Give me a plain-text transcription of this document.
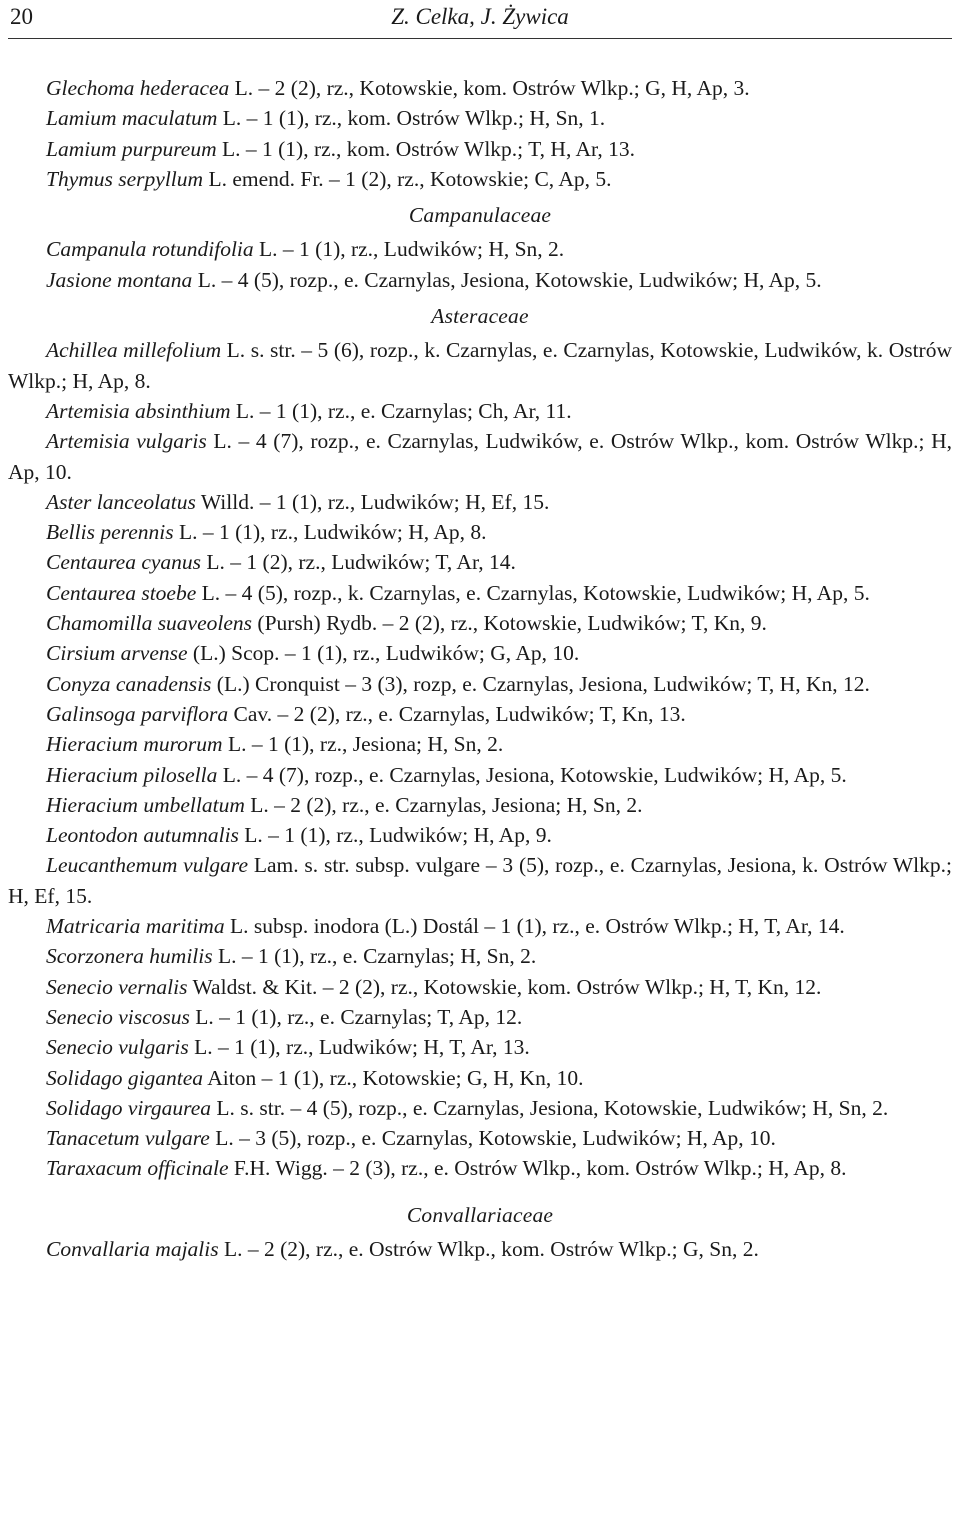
20	Z. Celka, J. Żywica

Glechoma hederacea L. – 2 (2), rz., Kotowskie, kom. Ostrów Wlkp.; G, H, Ap, 3.

Lamium maculatum L. – 1 (1), rz., kom. Ostrów Wlkp.; H, Sn, 1.

Lamium purpureum L. – 1 (1), rz., kom. Ostrów Wlkp.; T, H, Ar, 13.

Thymus serpyllum L. emend. Fr. – 1 (2), rz., Kotowskie; C, Ap, 5.

Campanulaceae

Campanula rotundifolia L. – 1 (1), rz., Ludwików; H, Sn, 2.

Jasione montana L. – 4 (5), rozp., e. Czarnylas, Jesiona, Kotowskie, Ludwików; H, Ap, 5.

Asteraceae

Achillea millefolium L. s. str. – 5 (6), rozp., k. Czarnylas, e. Czarnylas, Kotowskie, Ludwików, k. Ostrów Wlkp.; H, Ap, 8.

Artemisia absinthium L. – 1 (1), rz., e. Czarnylas; Ch, Ar, 11.

Artemisia vulgaris L. – 4 (7), rozp., e. Czarnylas, Ludwików, e. Ostrów Wlkp., kom. Ostrów Wlkp.; H, Ap, 10.

Aster lanceolatus Willd. – 1 (1), rz., Ludwików; H, Ef, 15.

Bellis perennis L. – 1 (1), rz., Ludwików; H, Ap, 8.

Centaurea cyanus L. – 1 (2), rz., Ludwików; T, Ar, 14.

Centaurea stoebe L. – 4 (5), rozp., k. Czarnylas, e. Czarnylas, Kotowskie, Ludwików; H, Ap, 5.

Chamomilla suaveolens (Pursh) Rydb. – 2 (2), rz., Kotowskie, Ludwików; T, Kn, 9.

Cirsium arvense (L.) Scop. – 1 (1), rz., Ludwików; G, Ap, 10.

Conyza canadensis (L.) Cronquist – 3 (3), rozp, e. Czarnylas, Jesiona, Ludwików; T, H, Kn, 12.

Galinsoga parviflora Cav. – 2 (2), rz., e. Czarnylas, Ludwików; T, Kn, 13.

Hieracium murorum L. – 1 (1), rz., Jesiona; H, Sn, 2.

Hieracium pilosella L. – 4 (7), rozp., e. Czarnylas, Jesiona, Kotowskie, Ludwików; H, Ap, 5.

Hieracium umbellatum L. – 2 (2), rz., e. Czarnylas, Jesiona; H, Sn, 2.

Leontodon autumnalis L. – 1 (1), rz., Ludwików; H, Ap, 9.

Leucanthemum vulgare Lam. s. str. subsp. vulgare – 3 (5), rozp., e. Czarnylas, Jesiona, k. Ostrów Wlkp.; H, Ef, 15.

Matricaria maritima L. subsp. inodora (L.) Dostál – 1 (1), rz., e. Ostrów Wlkp.; H, T, Ar, 14.

Scorzonera humilis L. – 1 (1), rz., e. Czarnylas; H, Sn, 2.

Senecio vernalis Waldst. & Kit. – 2 (2), rz., Kotowskie, kom. Ostrów Wlkp.; H, T, Kn, 12.

Senecio viscosus L. – 1 (1), rz., e. Czarnylas; T, Ap, 12.

Senecio vulgaris L. – 1 (1), rz., Ludwików; H, T, Ar, 13.

Solidago gigantea Aiton – 1 (1), rz., Kotowskie; G, H, Kn, 10.

Solidago virgaurea L. s. str. – 4 (5), rozp., e. Czarnylas, Jesiona, Kotowskie, Ludwików; H, Sn, 2.

Tanacetum vulgare L. – 3 (5), rozp., e. Czarnylas, Kotowskie, Ludwików; H, Ap, 10.

Taraxacum officinale F.H. Wigg. – 2 (3), rz., e. Ostrów Wlkp., kom. Ostrów Wlkp.; H, Ap, 8.

Convallariaceae

Convallaria majalis L. – 2 (2), rz., e. Ostrów Wlkp., kom. Ostrów Wlkp.; G, Sn, 2.
